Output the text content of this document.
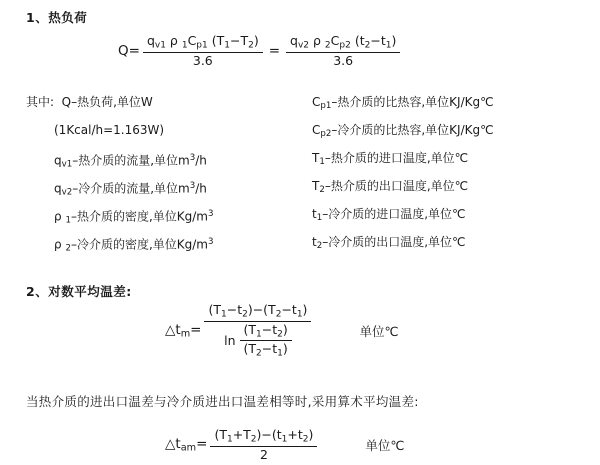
1、热负荷
$Q= \frac{q_{v1} \rho _1C_{p1} (T_1-T_2)}{3.6} = \frac{q_{v2} \rho _2C_{p2} (t_2-t_1)}{3.6}$
其中:  Q–热负荷,单位W
(1Kcal/h=1.163W)
$q_{v1}-$热介质的流量,单位$m^3/h$
$q_{v2}-$冷介质的流量,单位$m^3/h$
ρ $_1$–热介质的密度,单位$Kg/m^3$
ρ $_2$–冷介质的密度,单位$Kg/m^3$
$C_{p1}-$热介质的比热容,单位KJ/Kg℃
$C_{p2}-$冷介质的比热容,单位KJ/Kg℃
$T_1-$热介质的进口温度,单位℃
$T_2-$热介质的出口温度,单位℃
$t_1-$冷介质的进口温度,单位℃
$t_2-$冷介质的出口温度,单位℃
2、对数平均温差:
$\triangle t_m=$
$(T_1-t_2)-(T_2-t_1)$
$\ln \frac{(T_1-t_2)}{(T_2-t_1)}$	单位℃
当热介质的进出口温差与冷介质进出口温差相等时,采用算术平均温差:
$\triangle t_{am}= \frac{(T_1+T_2)-(t_1+t_2)}{2}$	单位℃
